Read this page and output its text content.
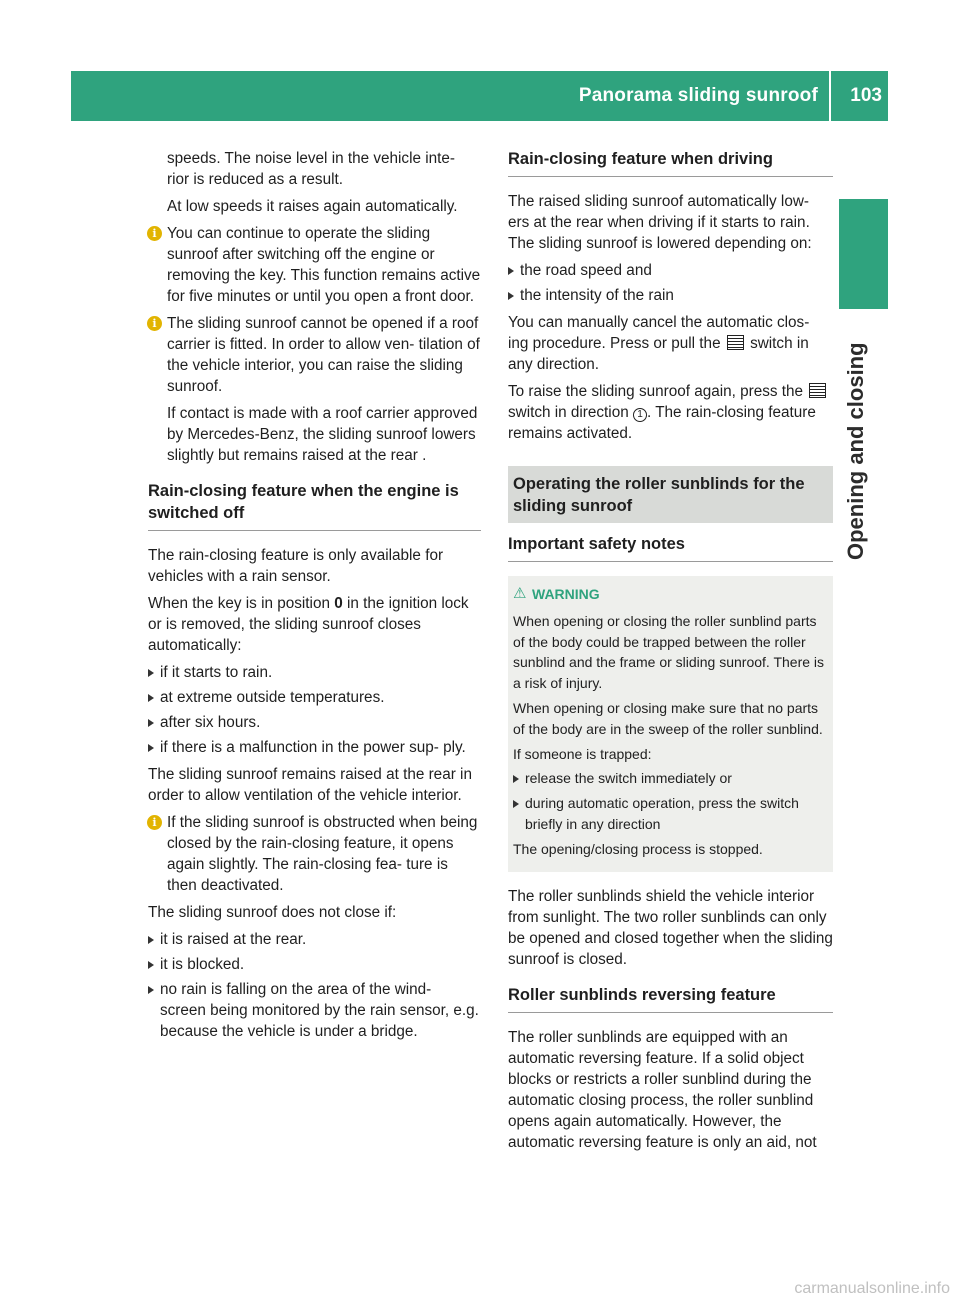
Panorama sliding sunroof 103
Opening and closing

speeds. The noise level in the vehicle inte- rior is reduced as a result.

At low speeds it raises again automatically.

i You can continue to operate the sliding sunroof after switching off the engine or removing the key. This function remains active for five minutes or until you open a front door.

i The sliding sunroof cannot be opened if a roof carrier is fitted. In order to allow ven- tilation of the vehicle interior, you can raise the sliding sunroof.

If contact is made with a roof carrier approved by Mercedes-Benz, the sliding sunroof lowers slightly but remains raised at the rear .

Rain-closing feature when the engine is switched off

The rain-closing feature is only available for vehicles with a rain sensor.

When the key is in position 0 in the ignition lock or is removed, the sliding sunroof closes automatically:

if it starts to rain.
at extreme outside temperatures.
after six hours.
if there is a malfunction in the power sup- ply.

The sliding sunroof remains raised at the rear in order to allow ventilation of the vehicle interior.

i If the sliding sunroof is obstructed when being closed by the rain-closing feature, it opens again slightly. The rain-closing fea- ture is then deactivated.

The sliding sunroof does not close if:

it is raised at the rear.
it is blocked.
no rain is falling on the area of the wind- screen being monitored by the rain sensor, e.g. because the vehicle is under a bridge.
Rain-closing feature when driving

The raised sliding sunroof automatically low- ers at the rear when driving if it starts to rain. The sliding sunroof is lowered depending on:

the road speed and
the intensity of the rain

You can manually cancel the automatic clos- ing procedure. Press or pull the  switch in any direction.

To raise the sliding sunroof again, press the  switch in direction 1 . The rain-closing feature remains activated.

Operating the roller sunblinds for the sliding sunroof
Important safety notes
⚠ WARNING

When opening or closing the roller sunblind parts of the body could be trapped between the roller sunblind and the frame or sliding sunroof. There is a risk of injury.

When opening or closing make sure that no parts of the body are in the sweep of the roller sunblind.

If someone is trapped:

release the switch immediately or
during automatic operation, press the switch briefly in any direction

The opening/closing process is stopped.

The roller sunblinds shield the vehicle interior from sunlight. The two roller sunblinds can only be opened and closed together when the sliding sunroof is closed.

Roller sunblinds reversing feature

The roller sunblinds are equipped with an automatic reversing feature. If a solid object blocks or restricts a roller sunblind during the automatic closing process, the roller sunblind opens again automatically. However, the automatic reversing feature is only an aid, not

carmanualsonline.info
